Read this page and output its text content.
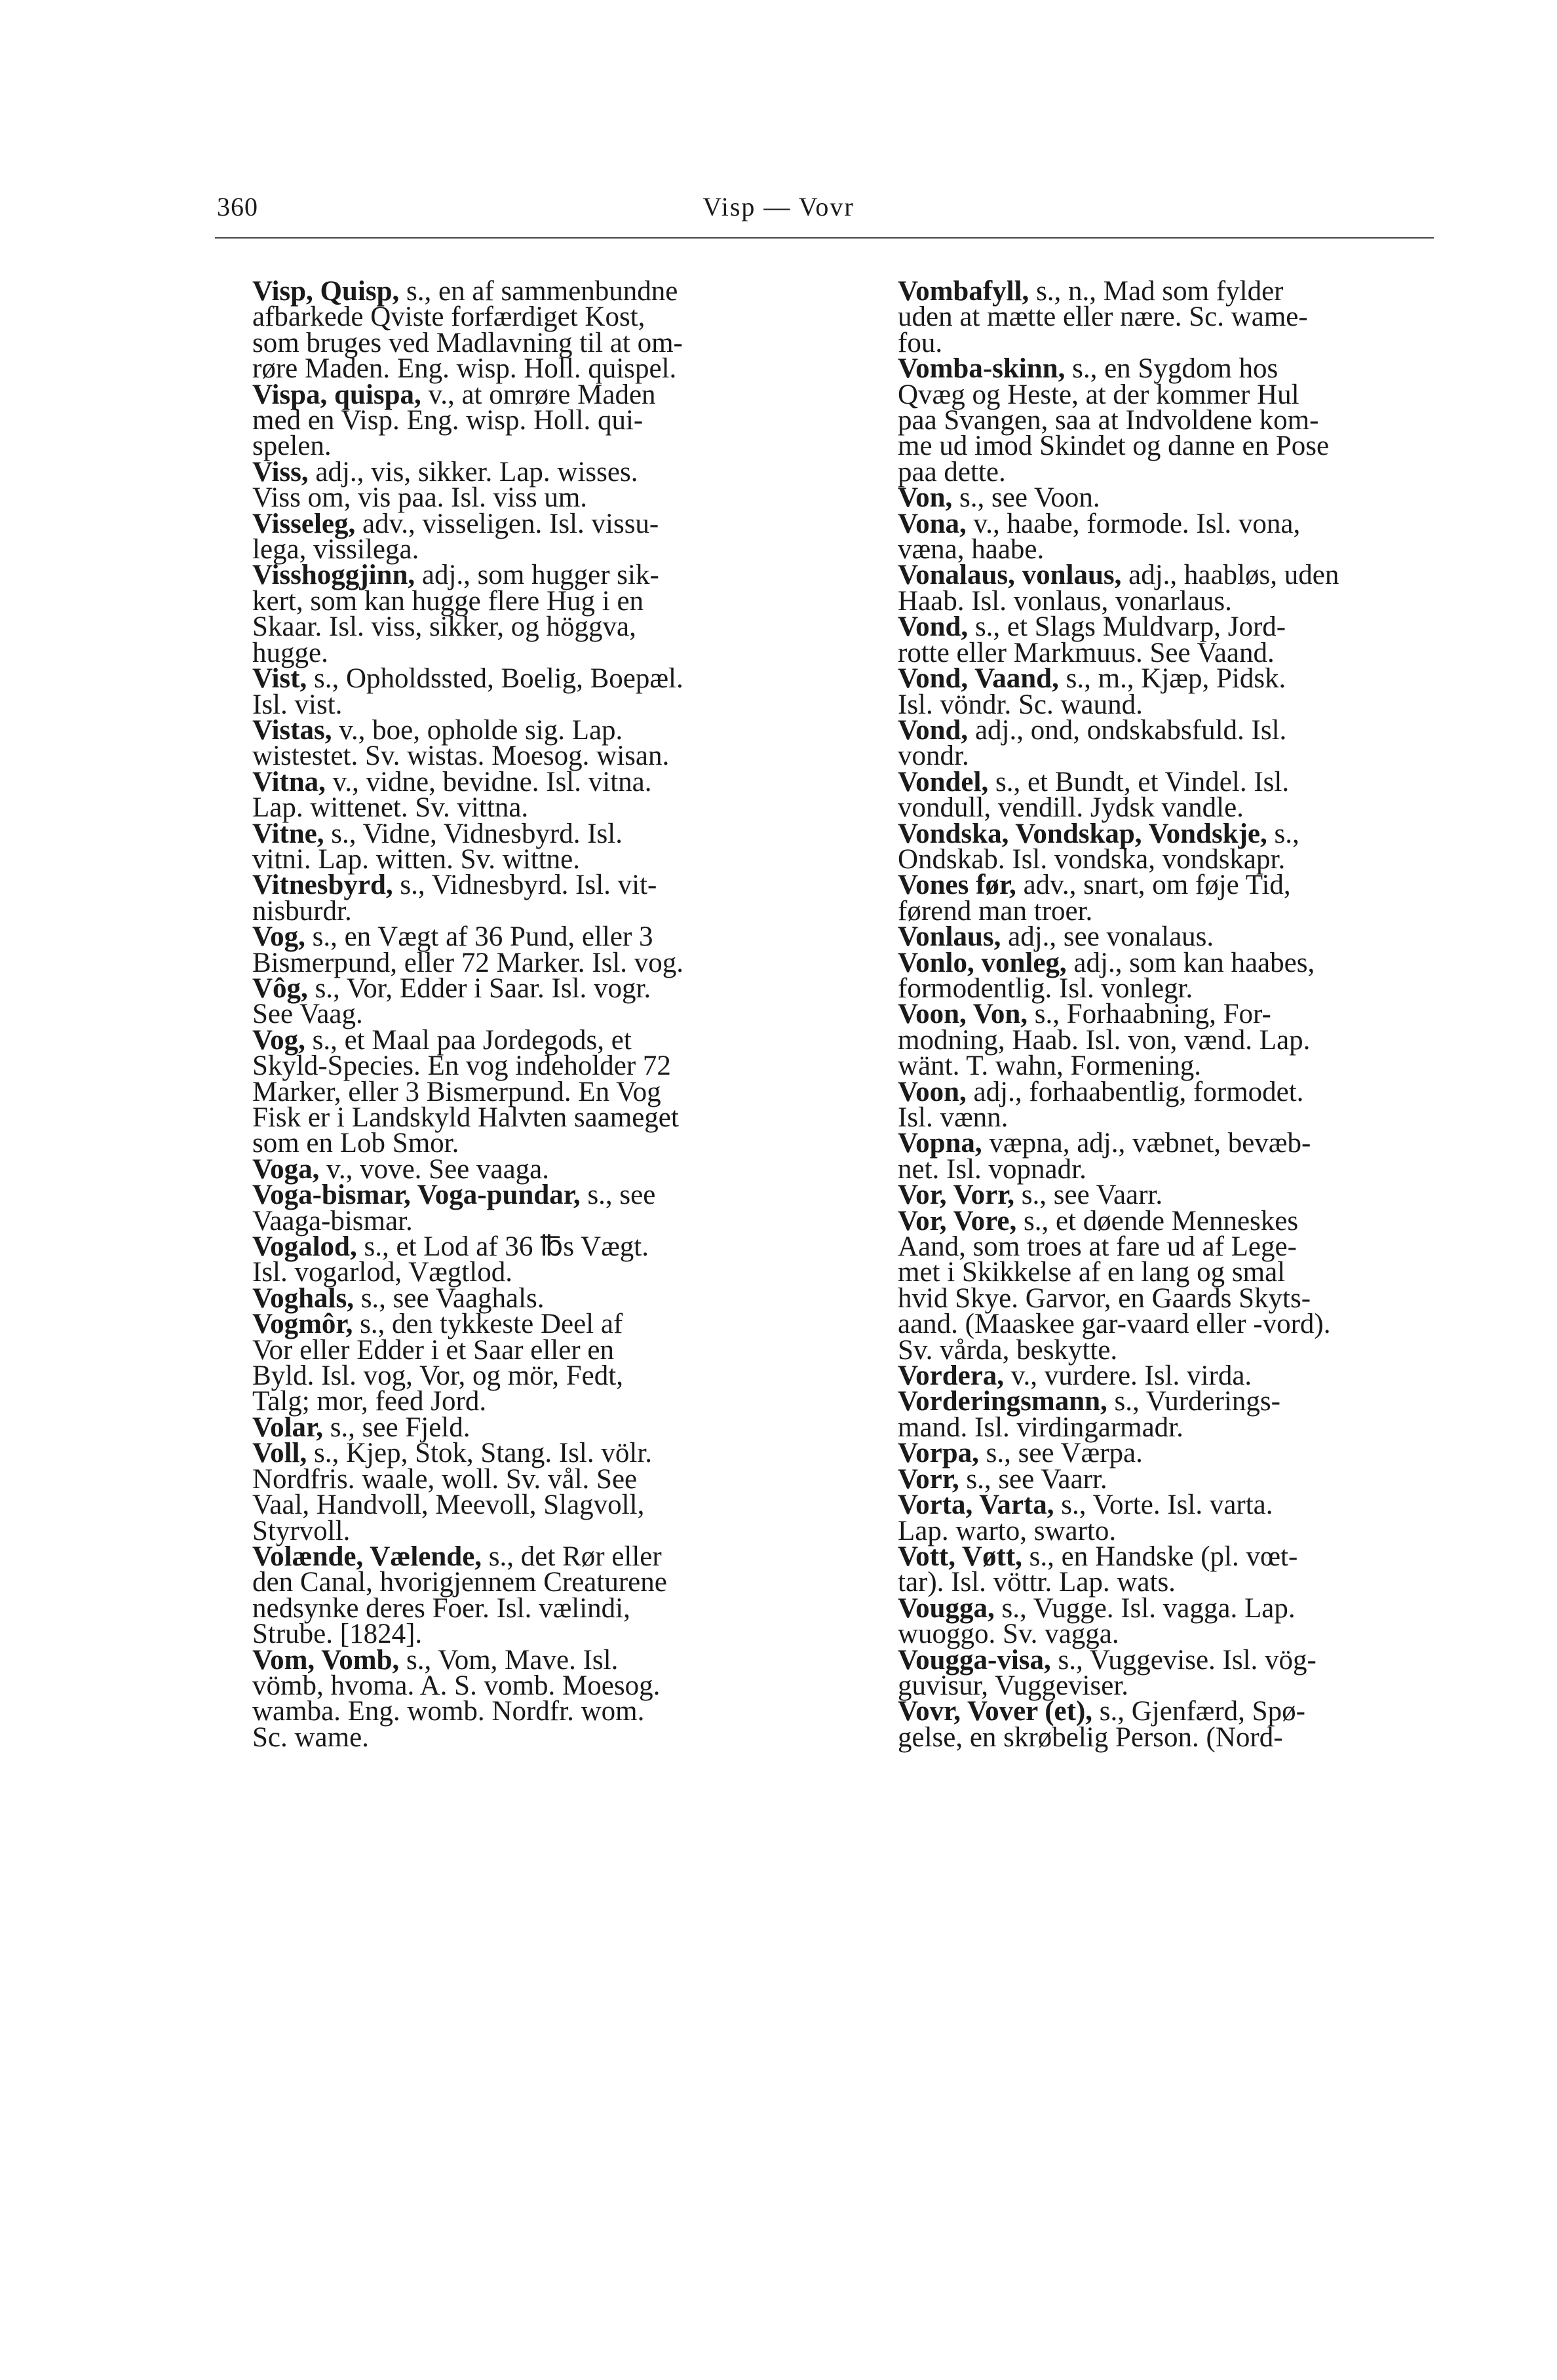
360	Visp — Vovr

Visp, Quisp, s., en af sammenbundne
afbarkede Qviste forfærdiget Kost,
som bruges ved Madlavning til at om-
røre Maden. Eng. wisp. Holl. quispel.

Vispa, quispa, v., at omrøre Maden
med en Visp. Eng. wisp. Holl. qui-
spelen.

Viss, adj., vis, sikker. Lap. wisses.
Viss om, vis paa. Isl. viss um.

Visseleg, adv., visseligen. Isl. vissu-
lega, vissilega.

Visshoggjinn, adj., som hugger sik-
kert, som kan hugge flere Hug i en
Skaar. Isl. viss, sikker, og höggva,
hugge.

Vist, s., Opholdssted, Boelig, Boepæl.
Isl. vist.

Vistas, v., boe, opholde sig. Lap.
wistestet. Sv. wistas. Moesog. wisan.

Vitna, v., vidne, bevidne. Isl. vitna.
Lap. wittenet. Sv. vittna.

Vitne, s., Vidne, Vidnesbyrd. Isl.
vitni. Lap. witten. Sv. wittne.

Vitnesbyrd, s., Vidnesbyrd. Isl. vit-
nisburdr.

Vog, s., en Vægt af 36 Pund, eller 3
Bismerpund, eller 72 Marker. Isl. vog.

Vôg, s., Vor, Edder i Saar. Isl. vogr.
See Vaag.

Vog, s., et Maal paa Jordegods, et
Skyld-Species. En vog indeholder 72
Marker, eller 3 Bismerpund. En Vog
Fisk er i Landskyld Halvten saameget
som en Lob Smor.

Voga, v., vove. See vaaga.

Voga-bismar, Voga-pundar, s., see
Vaaga-bismar.

Vogalod, s., et Lod af 36 ℔s Vægt.
Isl. vogarlod, Vægtlod.

Voghals, s., see Vaaghals.

Vogmôr, s., den tykkeste Deel af
Vor eller Edder i et Saar eller en
Byld. Isl. vog, Vor, og mör, Fedt,
Talg; mor, feed Jord.

Volar, s., see Fjeld.

Voll, s., Kjep, Stok, Stang. Isl. völr.
Nordfris. waale, woll. Sv. vål. See
Vaal, Handvoll, Meevoll, Slagvoll,
Styrvoll.

Volænde, Vælende, s., det Rør eller
den Canal, hvorigjennem Creaturene
nedsynke deres Foer. Isl. vælindi,
Strube. [1824].

Vom, Vomb, s., Vom, Mave. Isl.
vömb, hvoma. A. S. vomb. Moesog.
wamba. Eng. womb. Nordfr. wom.
Sc. wame.

Vombafyll, s., n., Mad som fylder
uden at mætte eller nære. Sc. wame-
fou.

Vomba-skinn, s., en Sygdom hos
Qvæg og Heste, at der kommer Hul
paa Svangen, saa at Indvoldene kom-
me ud imod Skindet og danne en Pose
paa dette.

Von, s., see Voon.

Vona, v., haabe, formode. Isl. vona,
væna, haabe.

Vonalaus, vonlaus, adj., haabløs, uden
Haab. Isl. vonlaus, vonarlaus.

Vond, s., et Slags Muldvarp, Jord-
rotte eller Markmuus. See Vaand.

Vond, Vaand, s., m., Kjæp, Pidsk.
Isl. vöndr. Sc. waund.

Vond, adj., ond, ondskabsfuld. Isl.
vondr.

Vondel, s., et Bundt, et Vindel. Isl.
vondull, vendill. Jydsk vandle.

Vondska, Vondskap, Vondskje, s.,
Ondskab. Isl. vondska, vondskapr.

Vones før, adv., snart, om føje Tid,
førend man troer.

Vonlaus, adj., see vonalaus.

Vonlo, vonleg, adj., som kan haabes,
formodentlig. Isl. vonlegr.

Voon, Von, s., Forhaabning, For-
modning, Haab. Isl. von, vænd. Lap.
wänt. T. wahn, Formening.

Voon, adj., forhaabentlig, formodet.
Isl. vænn.

Vopna, væpna, adj., væbnet, bevæb-
net. Isl. vopnadr.

Vor, Vorr, s., see Vaarr.

Vor, Vore, s., et døende Menneskes
Aand, som troes at fare ud af Lege-
met i Skikkelse af en lang og smal
hvid Skye. Garvor, en Gaards Skyts-
aand. (Maaskee gar-vaard eller -vord).
Sv. vårda, beskytte.

Vordera, v., vurdere. Isl. virda.

Vorderingsmann, s., Vurderings-
mand. Isl. virdingarmadr.

Vorpa, s., see Værpa.

Vorr, s., see Vaarr.

Vorta, Varta, s., Vorte. Isl. varta.
Lap. warto, swarto.

Vott, Vøtt, s., en Handske (pl. vœt-
tar). Isl. vöttr. Lap. wats.

Vougga, s., Vugge. Isl. vagga. Lap.
wuoggo. Sv. vagga.

Vougga-visa, s., Vuggevise. Isl. vög-
guvisur, Vuggeviser.

Vovr, Vover (et), s., Gjenfærd, Spø-
gelse, en skrøbelig Person. (Nord-
